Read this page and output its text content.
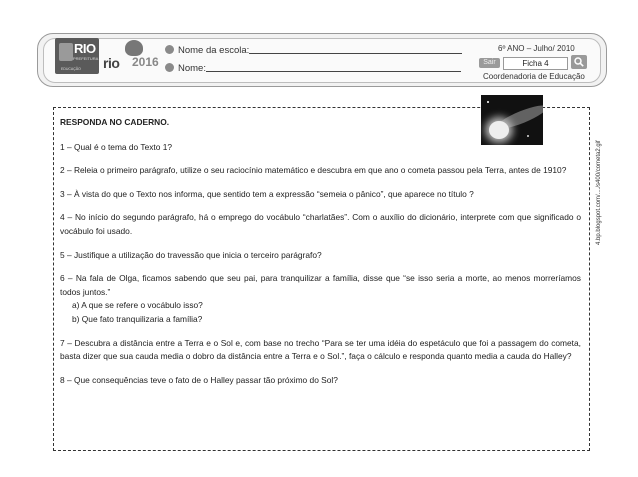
RIO
PREFEITURA
EDUCAÇÃO rio 2016
Nome da escola:
Nome:
6º ANO – Julho/ 2010
Sair	Ficha 4
Coordenadoria de Educação
4.bp.blogspot.com/..../s400/cometa2.gif

RESPONDA NO CADERNO.

1 – Qual é o tema do Texto 1?

2 – Releia o primeiro parágrafo, utilize o seu raciocínio matemático e descubra em que ano o cometa passou pela Terra, antes de 1910?

3 – À vista do que o Texto nos informa, que sentido tem a expressão “semeia o pânico”, que aparece no título ?

4 – No início do segundo parágrafo, há o emprego do vocábulo “charlatães”. Com o auxílio do dicionário, interprete com que significado o vocábulo foi usado.

5 – Justifique a utilização do travessão que inicia o terceiro parágrafo?

6 – Na fala de Olga, ficamos sabendo que seu pai, para tranquilizar a família, disse que “se isso seria a morte, ao menos morreríamos todos juntos.”

a) A que se refere o vocábulo isso?

b) Que fato tranquilizaria a família?

7 – Descubra a distância entre a Terra e o Sol e, com base no trecho “Para se ter uma idéia do espetáculo que foi a passagem do cometa, basta dizer que sua cauda media o dobro da distância entre a Terra e o Sol.”, faça o cálculo e responda quanto media a cauda do Halley?

8 – Que consequências teve o fato de o Halley passar tão próximo do Sol?
